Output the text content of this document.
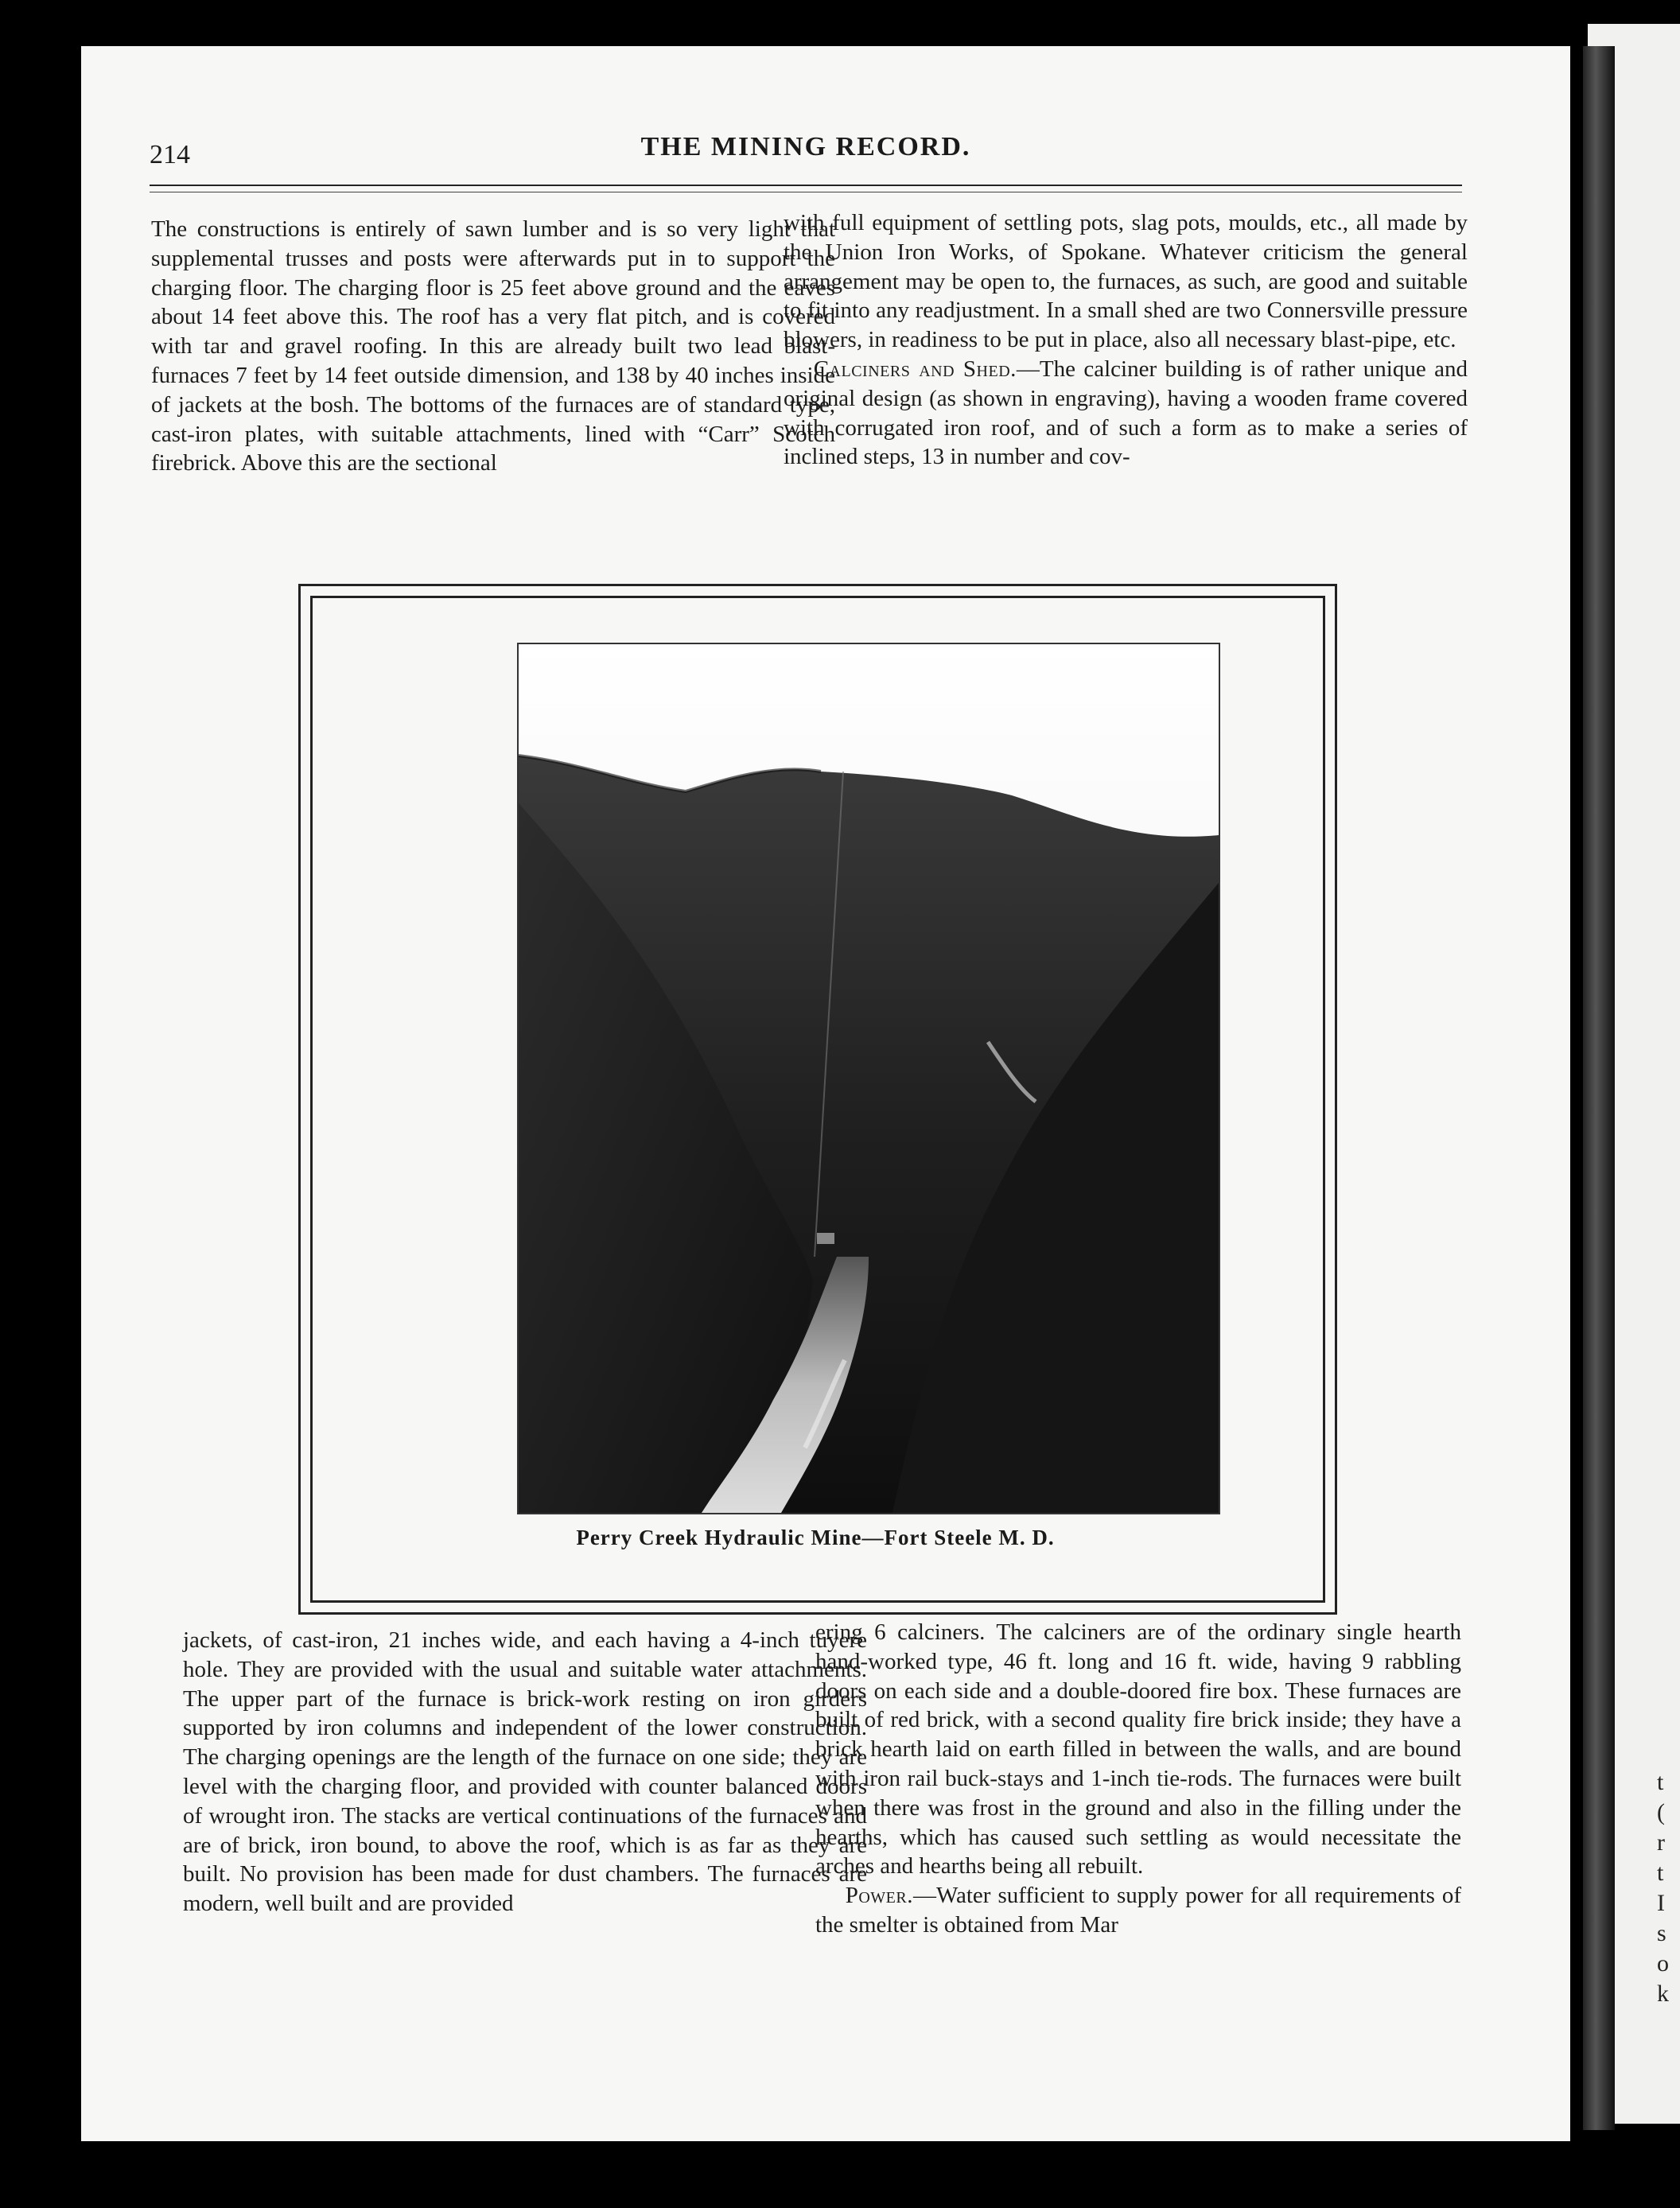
214	THE MINING RECORD.

The constructions is entirely of sawn lumber and is so very light that supplemental trusses and posts were afterwards put in to support the charging floor. The charging floor is 25 feet above ground and the eaves about 14 feet above this. The roof has a very flat pitch, and is covered with tar and gravel roofing. In this are already built two lead blast-furnaces 7 feet by 14 feet outside dimension, and 138 by 40 inches inside of jackets at the bosh. The bottoms of the furnaces are of standard type, cast-iron plates, with suitable attachments, lined with “Carr” Scotch firebrick. Above this are the sectional

with full equipment of settling pots, slag pots, moulds, etc., all made by the Union Iron Works, of Spokane. Whatever criticism the general arrangement may be open to, the furnaces, as such, are good and suitable to fit into any readjustment. In a small shed are two Connersville pressure blowers, in readiness to be put in place, also all necessary blast-pipe, etc.

Calciners and Shed.—The calciner building is of rather unique and original design (as shown in engraving), having a wooden frame covered with corrugated iron roof, and of such a form as to make a series of inclined steps, 13 in number and cov-

Perry Creek Hydraulic Mine—Fort Steele M. D.

jackets, of cast-iron, 21 inches wide, and each having a 4-inch tuyere hole. They are provided with the usual and suitable water attachments. The upper part of the furnace is brick-work resting on iron girders supported by iron columns and independent of the lower construction. The charging openings are the length of the furnace on one side; they are level with the charging floor, and provided with counter balanced doors of wrought iron. The stacks are vertical continuations of the furnaces and are of brick, iron bound, to above the roof, which is as far as they are built. No provision has been made for dust chambers. The furnaces are modern, well built and are provided

ering 6 calciners. The calciners are of the ordinary single hearth hand-worked type, 46 ft. long and 16 ft. wide, having 9 rabbling doors on each side and a double-doored fire box. These furnaces are built of red brick, with a second quality fire brick inside; they have a brick hearth laid on earth filled in between the walls, and are bound with iron rail buck-stays and 1-inch tie-rods. The furnaces were built when there was frost in the ground and also in the filling under the hearths, which has caused such settling as would necessitate the arches and hearths being all rebuilt.

Power.—Water sufficient to supply power for all requirements of the smelter is obtained from Mar

t
(
r
t
I
s
o
k
